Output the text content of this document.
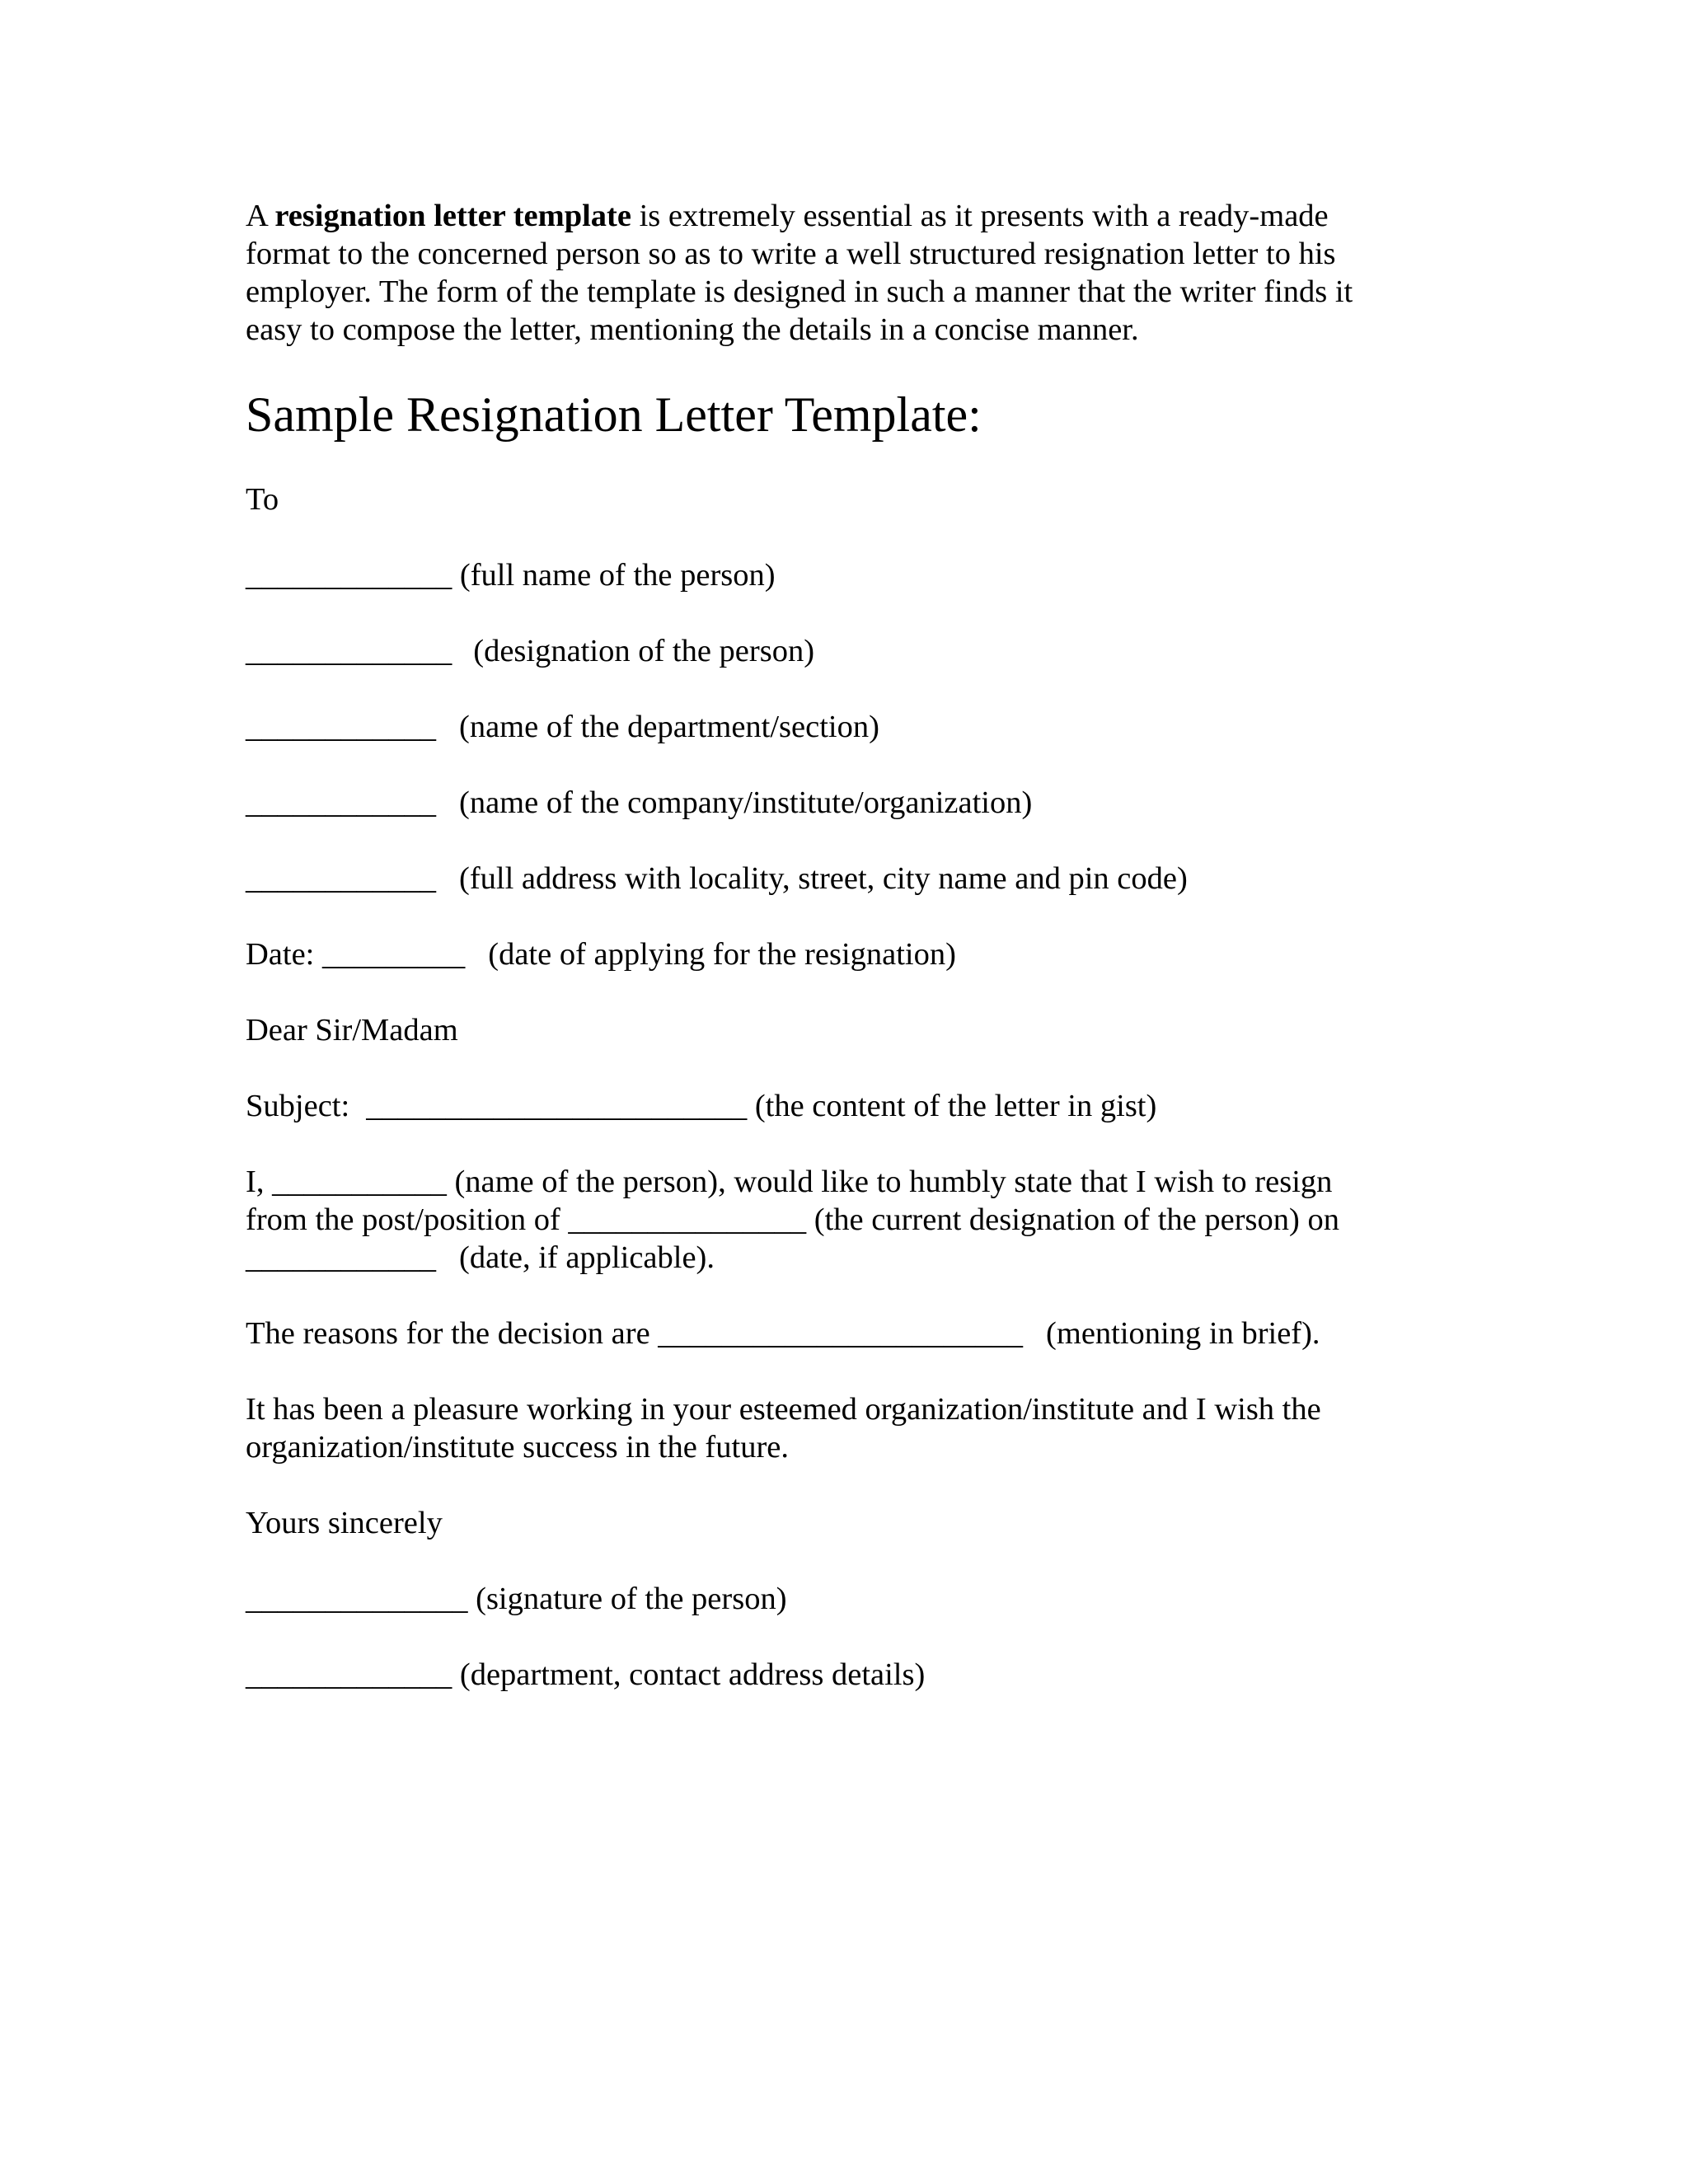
A resignation letter template is extremely essential as it presents with a ready-made
format to the concerned person so as to write a well structured resignation letter to his
employer. The form of the template is designed in such a manner that the writer finds it
easy to compose the letter, mentioning the details in a concise manner.
Sample Resignation Letter Template:
To
_____________ (full name of the person)
_____________ (designation of the person)
____________ (name of the department/section)
____________ (name of the company/institute/organization)
____________ (full address with locality, street, city name and pin code)
Date: _________ (date of applying for the resignation)
Dear Sir/Madam
Subject: ________________________ (the content of the letter in gist)
I, ___________ (name of the person), would like to humbly state that I wish to resign
from the post/position of _______________ (the current designation of the person) on
____________ (date, if applicable).
The reasons for the decision are _______________________ (mentioning in brief).
It has been a pleasure working in your esteemed organization/institute and I wish the
organization/institute success in the future.
Yours sincerely
______________ (signature of the person)
_____________ (department, contact address details)
